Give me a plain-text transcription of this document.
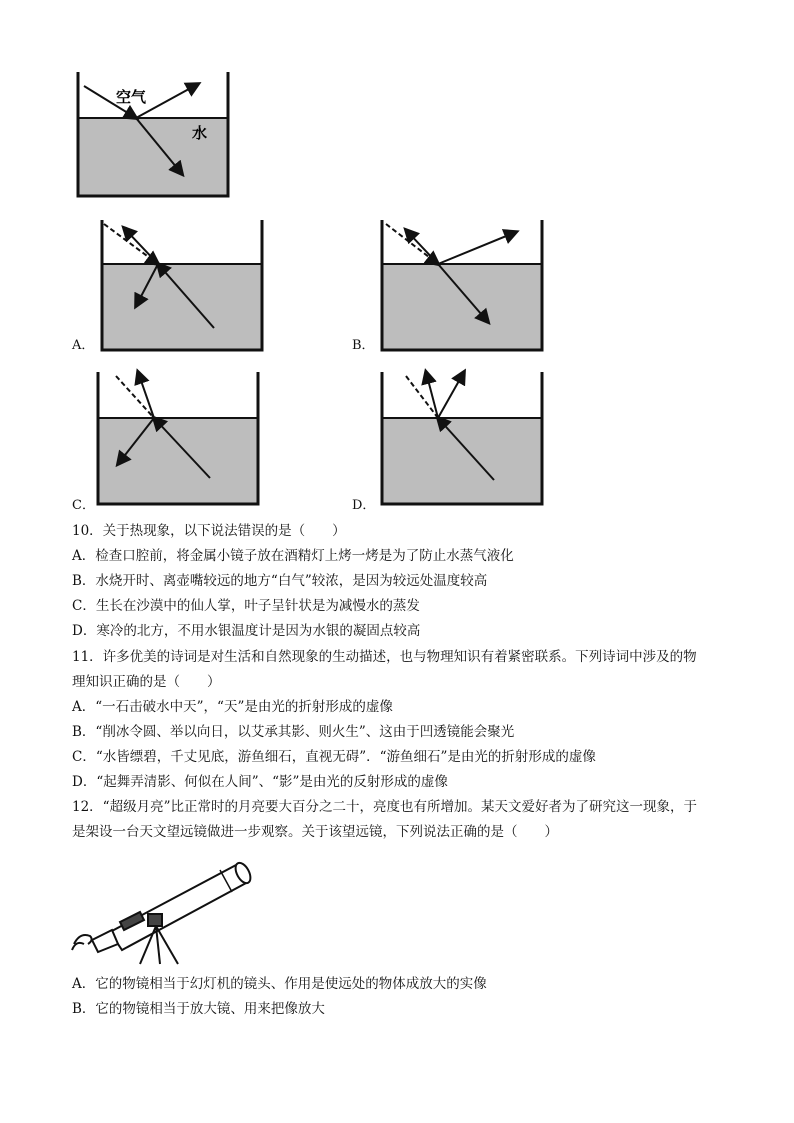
空气
水
A．	B．
C．	D．
10．关于热现象，以下说法错误的是（　　）
A．检查口腔前，将金属小镜子放在酒精灯上烤一烤是为了防止水蒸气液化
B．水烧开时、离壶嘴较远的地方“白气”较浓，是因为较远处温度较高
C．生长在沙漠中的仙人掌，叶子呈针状是为减慢水的蒸发
D．寒冷的北方，不用水银温度计是因为水银的凝固点较高
11．许多优美的诗词是对生活和自然现象的生动描述，也与物理知识有着紧密联系。下列诗词中涉及的物
理知识正确的是（　　）
A．“一石击破水中天”，“天”是由光的折射形成的虚像
B．“削冰令圆、举以向日，以艾承其影、则火生”、这由于凹透镜能会聚光
C．“水皆缥碧，千丈见底，游鱼细石，直视无碍”．“游鱼细石”是由光的折射形成的虚像
D．“起舞弄清影、何似在人间”、“影”是由光的反射形成的虚像
12．“超级月亮”比正常时的月亮要大百分之二十，亮度也有所增加。某天文爱好者为了研究这一现象，于
是架设一台天文望远镜做进一步观察。关于该望远镜，下列说法正确的是（　　）
A．它的物镜相当于幻灯机的镜头、作用是使远处的物体成放大的实像
B．它的物镜相当于放大镜、用来把像放大
